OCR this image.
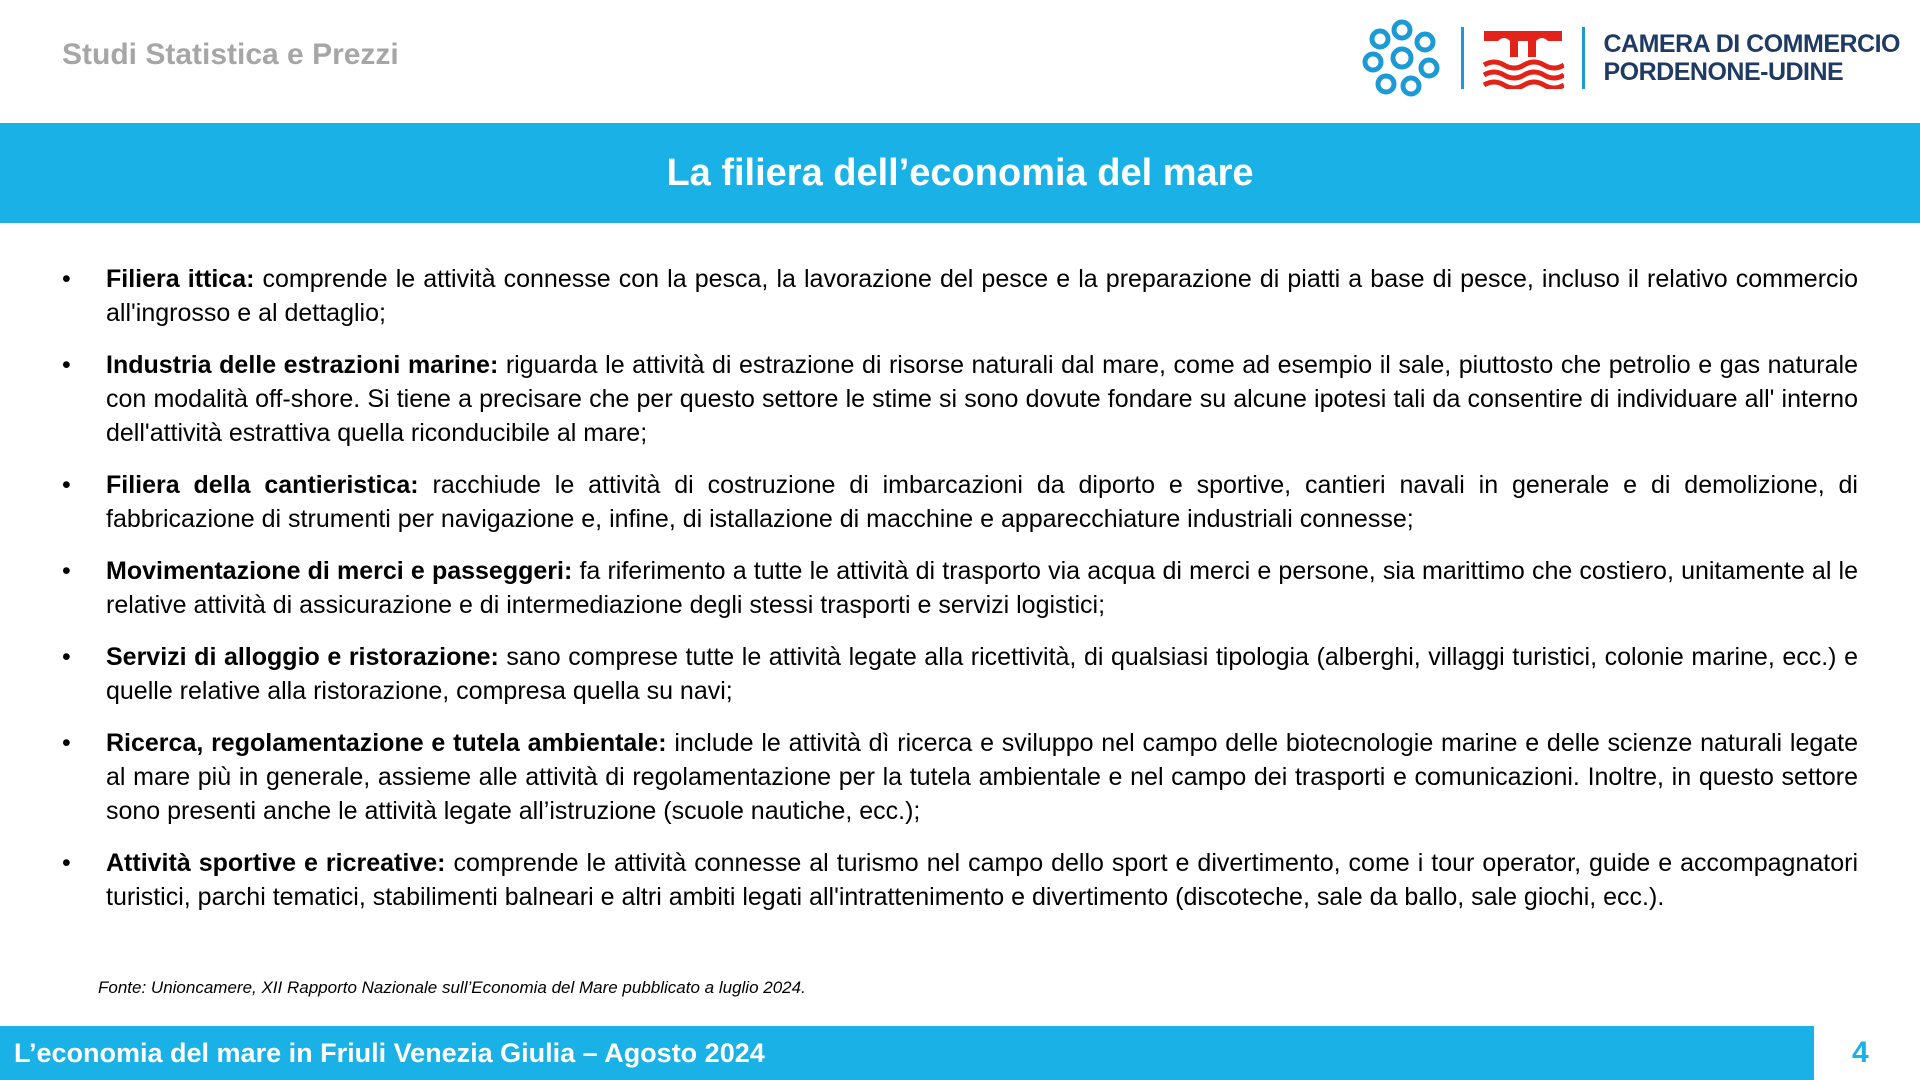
Studi Statistica e Prezzi	CAMERA DI COMMERCIO
PORDENONE-UDINE
La filiera dell’economia del mare
•	Filiera ittica: comprende le attività connesse con la pesca, la lavorazione del pesce e la preparazione di piatti a base di pesce, incluso il relativo commercio all'ingrosso e al dettaglio;
•	Industria delle estrazioni marine: riguarda le attività di estrazione di risorse naturali dal mare, come ad esempio il sale, piuttosto che petrolio e gas naturale con modalità off-shore. Si tiene a precisare che per questo settore le stime si sono dovute fondare su alcune ipotesi tali da consentire di individuare all' interno dell'attività estrattiva quella riconducibile al mare;
•	Filiera della cantieristica: racchiude le attività di costruzione di imbarcazioni da diporto e sportive, cantieri navali in generale e di demolizione, di fabbricazione di strumenti per navigazione e, infine, di istallazione di macchine e apparecchiature industriali connesse;
•	Movimentazione di merci e passeggeri: fa riferimento a tutte le attività di trasporto via acqua di merci e persone, sia marittimo che costiero, unitamente al le relative attività di assicurazione e di intermediazione degli stessi trasporti e servizi logistici;
•	Servizi di alloggio e ristorazione: sano comprese tutte le attività legate alla ricettività, di qualsiasi tipologia (alberghi, villaggi turistici, colonie marine, ecc.) e quelle relative alla ristorazione, compresa quella su navi;
•	Ricerca, regolamentazione e tutela ambientale: include le attività dì ricerca e sviluppo nel campo delle biotecnologie marine e delle scienze naturali legate al mare più in generale, assieme alle attività di regolamentazione per la tutela ambientale e nel campo dei trasporti e comunicazioni. Inoltre, in questo settore sono presenti anche le attività legate all’istruzione (scuole nautiche, ecc.);
•	Attività sportive e ricreative: comprende le attività connesse al turismo nel campo dello sport e divertimento, come i tour operator, guide e accompagnatori turistici, parchi tematici, stabilimenti balneari e altri ambiti legati all'intrattenimento e divertimento (discoteche, sale da ballo, sale giochi, ecc.).
Fonte: Unioncamere, XII Rapporto Nazionale sull’Economia del Mare pubblicato a luglio 2024.
L’economia del mare in Friuli Venezia Giulia – Agosto 2024	4
